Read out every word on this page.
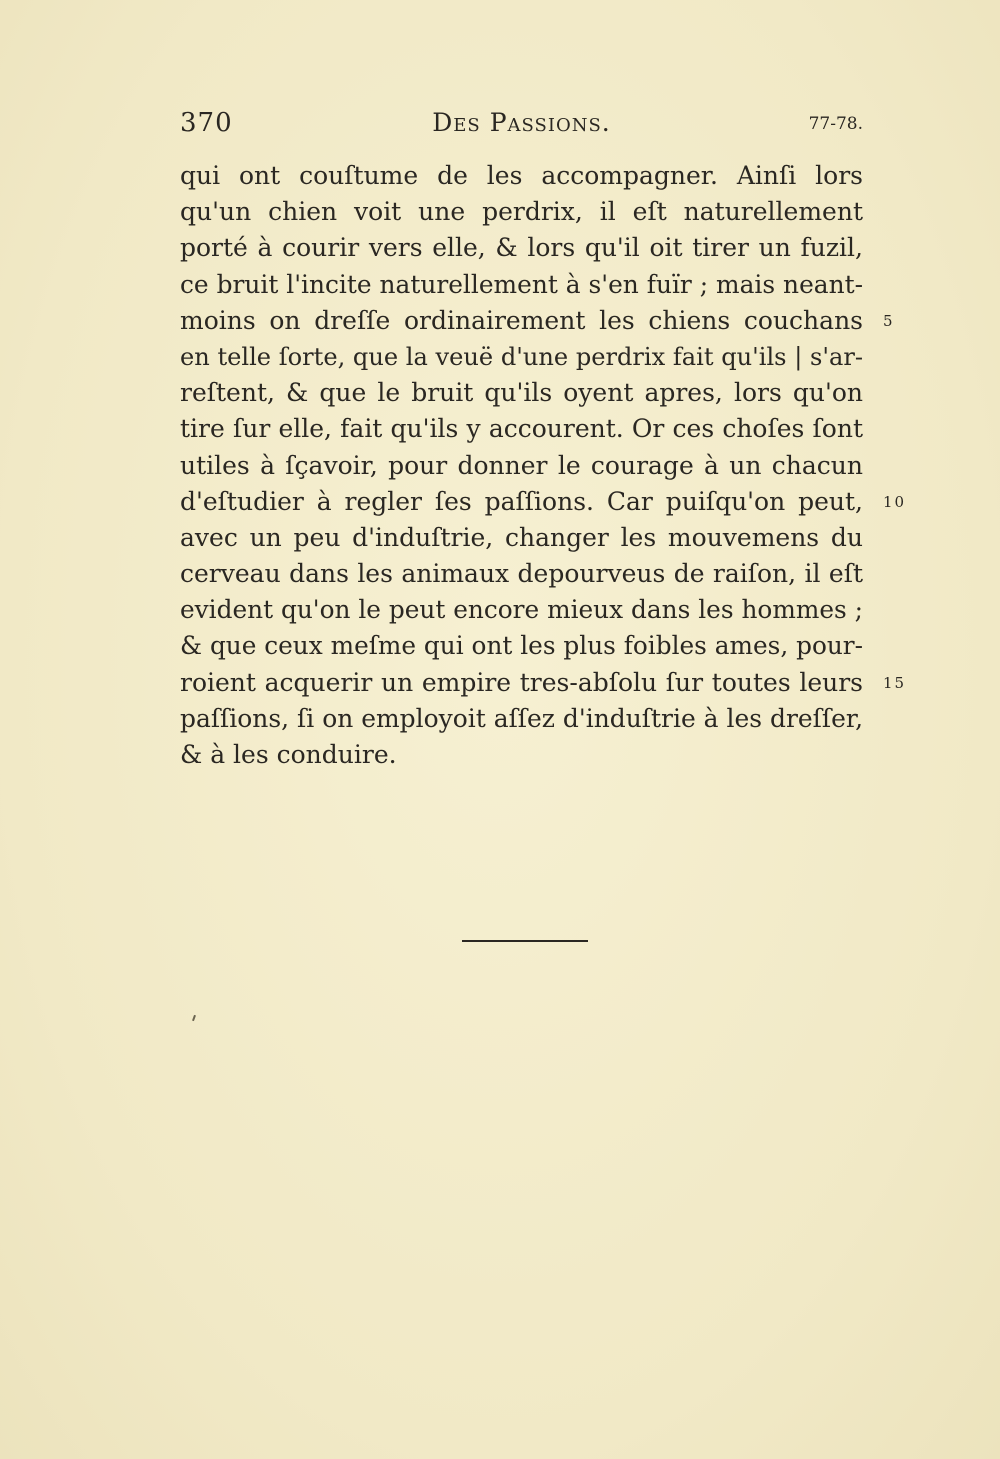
370	Des Passions.	77-78.
qui ont couſtume de les accompagner. Ainſi lors
qu'un chien voit une perdrix, il eſt naturellement
porté à courir vers elle, & lors qu'il oit tirer un fuzil,
ce bruit l'incite naturellement à s'en fuïr ; mais neant-
moins on dreſſe ordinairement les chiens couchans 5
en telle ſorte, que la veuë d'une perdrix fait qu'ils | s'ar-
reſtent, & que le bruit qu'ils oyent apres, lors qu'on
tire ſur elle, fait qu'ils y accourent. Or ces choſes ſont
utiles à ſçavoir, pour donner le courage à un chacun
d'eſtudier à regler ſes paſſions. Car puiſqu'on peut, 10
avec un peu d'induſtrie, changer les mouvemens du
cerveau dans les animaux depourveus de raiſon, il eſt
evident qu'on le peut encore mieux dans les hommes ;
& que ceux meſme qui ont les plus foibles ames, pour-
roient acquerir un empire tres-abſolu ſur toutes leurs 15
paſſions, ſi on employoit aſſez d'induſtrie à les dreſſer,
& à les conduire.
